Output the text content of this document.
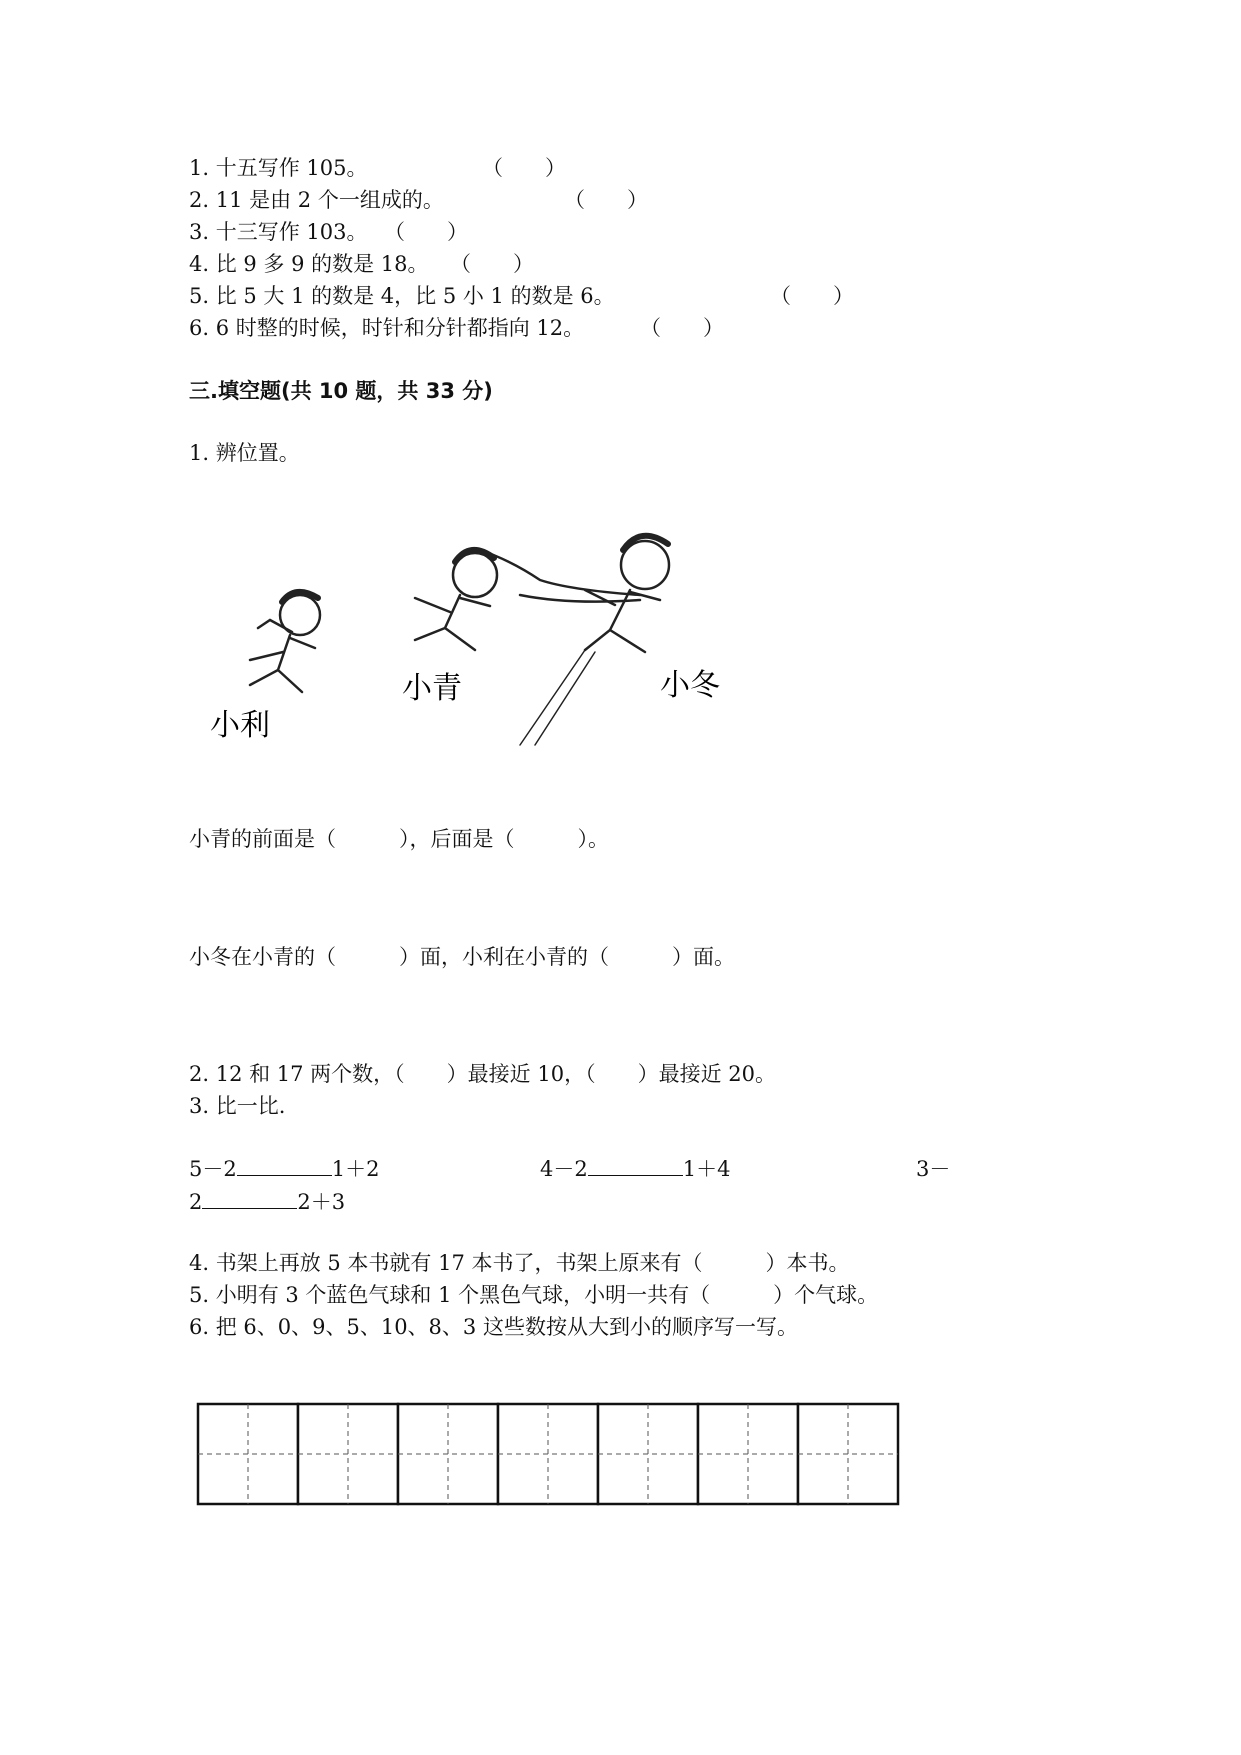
1. 十五写作 105。	（　　）
2. 11 是由 2 个一组成的。	（　　）
3. 十三写作 103。 （　　）
4. 比 9 多 9 的数是 18。 （　　）
5. 比 5 大 1 的数是 4，比 5 小 1 的数是 6。	（　　）
6. 6 时整的时候，时针和分针都指向 12。	（　　）
三.填空题(共 10 题，共 33 分)
1. 辨位置。
小利
小青	小冬
小青的前面是（　　　），后面是（　　　）。
小冬在小青的（　　　）面，小利在小青的（　　　）面。
2. 12 和 17 两个数，（　　）最接近 10，（　　）最接近 20。
3. 比一比.
5－2	1＋2	4－2	1＋4	3－
2	2＋3
4. 书架上再放 5 本书就有 17 本书了，书架上原来有（　　　）本书。
5. 小明有 3 个蓝色气球和 1 个黑色气球，小明一共有（　　　）个气球。
6. 把 6、0、9、5、10、8、3 这些数按从大到小的顺序写一写。
